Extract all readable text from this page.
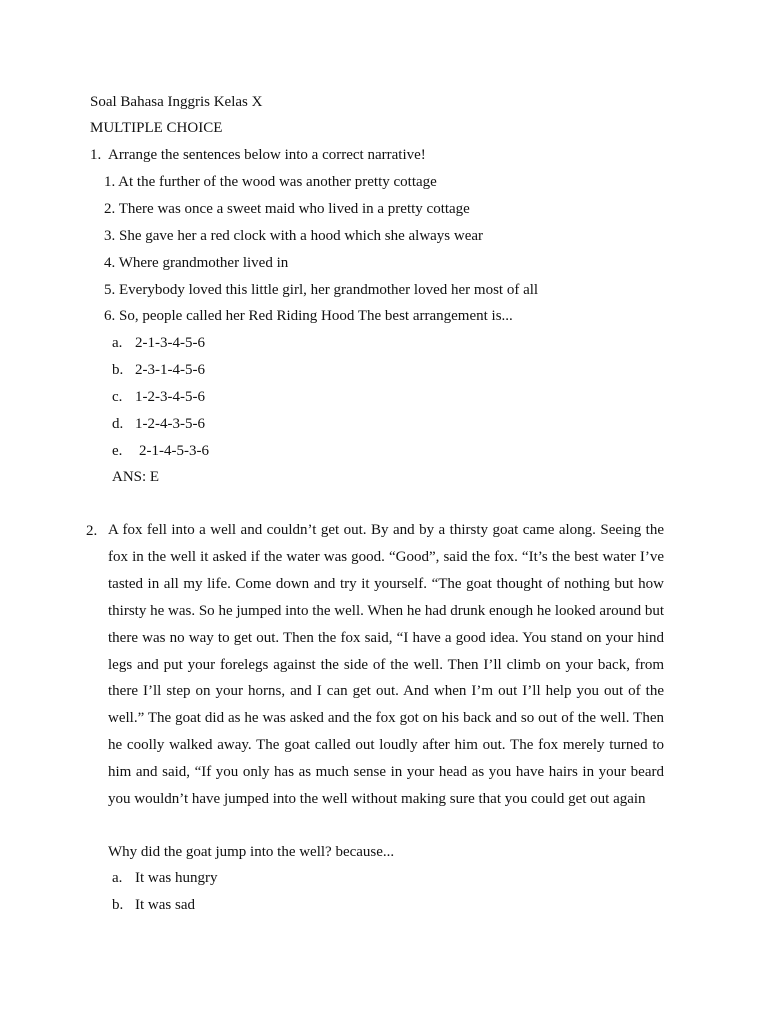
Soal Bahasa Inggris Kelas X
MULTIPLE CHOICE
1. Arrange the sentences below into a correct narrative!
1. At the further of the wood was another pretty cottage
2. There was once a sweet maid who lived in a pretty cottage
3. She gave her a red clock with a hood which she always wear
4. Where grandmother lived in
5. Everybody loved this little girl, her grandmother loved her most of all
6. So, people called her Red Riding Hood The best arrangement is...
a. 2-1-3-4-5-6
b. 2-3-1-4-5-6
c. 1-2-3-4-5-6
d. 1-2-4-3-5-6
e. 2-1-4-5-3-6
ANS: E
2. A fox fell into a well and couldn’t get out. By and by a thirsty goat came along. Seeing the fox in the well it asked if the water was good. “Good”, said the fox. “It’s the best water I’ve tasted in all my life. Come down and try it yourself. “The goat thought of nothing but how thirsty he was. So he jumped into the well. When he had drunk enough he looked around but there was no way to get out. Then the fox said, “I have a good idea. You stand on your hind legs and put your forelegs against the side of the well. Then I’ll climb on your back, from there I’ll step on your horns, and I can get out. And when I’m out I’ll help you out of the well.” The goat did as he was asked and the fox got on his back and so out of the well. Then he coolly walked away. The goat called out loudly after him out. The fox merely turned to him and said, “If you only has as much sense in your head as you have hairs in your beard you wouldn’t have jumped into the well without making sure that you could get out again

Why did the goat jump into the well? because...
a. It was hungry
b. It was sad
